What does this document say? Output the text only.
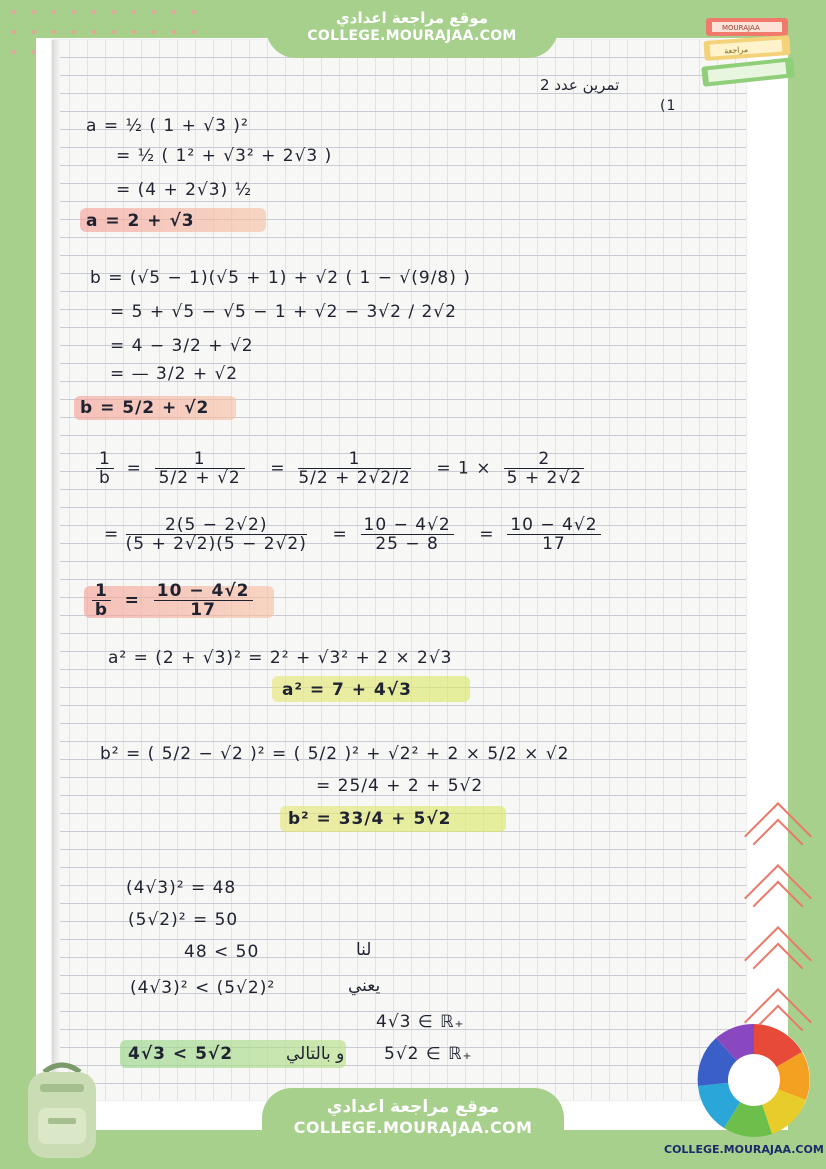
MOURAJAA
مراجعة
موقع مراجعة اعدادي
COLLEGE.MOURAJAA.COM
موقع مراجعة اعدادي
COLLEGE.MOURAJAA.COM
COLLEGE.MOURAJAA.COM
تمرين عدد 2
(1
a = ½ ( 1 + √3 )²
= ½ ( 1² + √3² + 2√3 )
= (4 + 2√3) ½
a = 2 + √3
b = (√5 − 1)(√5 + 1) + √2 ( 1 − √(9/8) )
= 5 + √5 − √5 − 1 + √2 − 3√2 / 2√2
= 4 − 3/2 + √2
= — 3/2 + √2
b = 5/2 + √2
$\frac{1}{b} = \frac{1}{5/2 + √2} = \frac{1}{5/2 + 2√2/2} = 1 \times \frac{2}{5 + 2√2}$
= $\frac{2(5 - 2√2)}{(5 + 2√2)(5 - 2√2)} = \frac{10 - 4√2}{25 - 8} = \frac{10 - 4√2}{17}$
$\frac{1}{b} = \frac{10 - 4√2}{17}$
a² = (2 + √3)² = 2² + √3² + 2 × 2√3
a² = 7 + 4√3
b² = ( 5/2 − √2 )² = ( 5/2 )² + √2² + 2 × 5/2 × √2
= 25/4 + 2 + 5√2
b² = 33/4 + 5√2
(4√3)² = 48
(5√2)² = 50
48 < 50	لنا
(4√3)² < (5√2)²	يعني
4√3 ∈ ℝ₊
4√3 < 5√2	و بالتالي 5√2 ∈ ℝ₊
